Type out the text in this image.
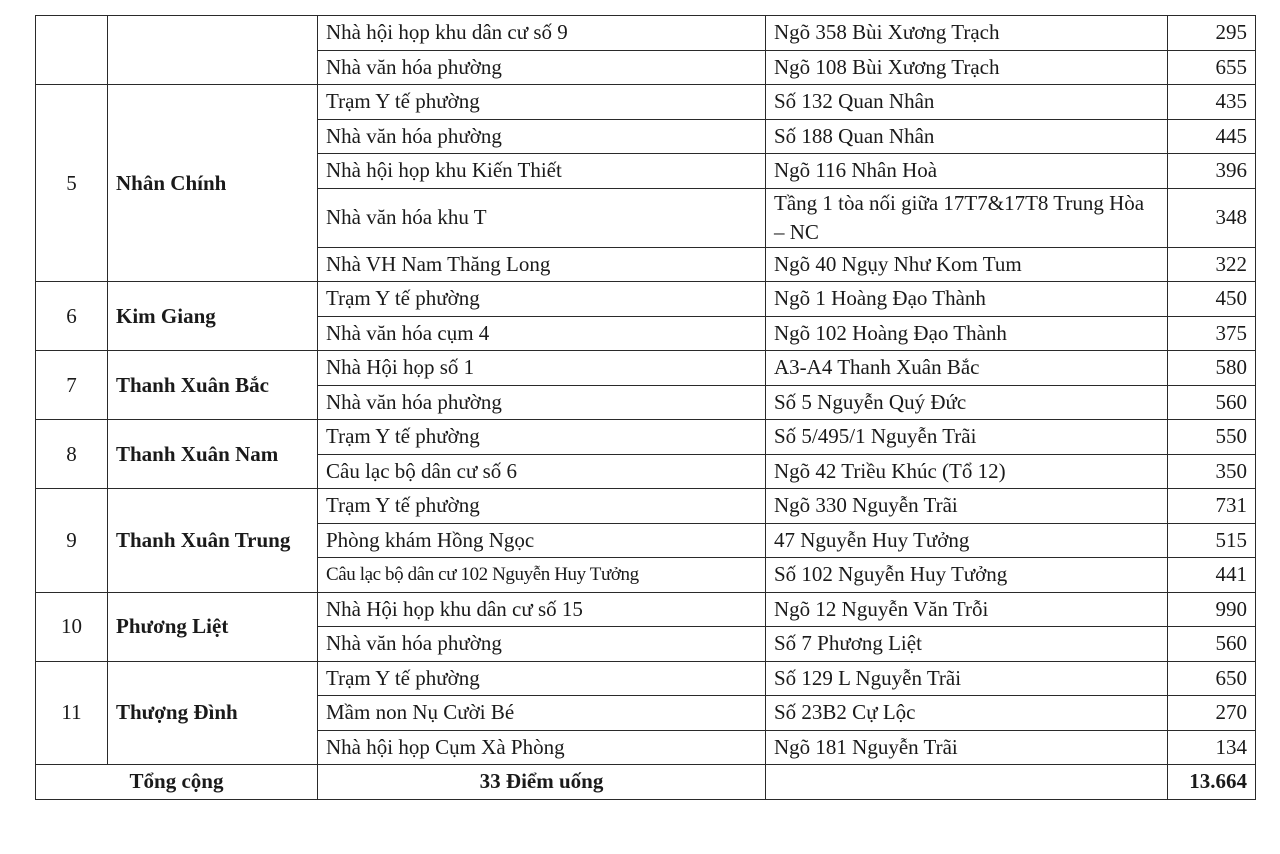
		Nhà hội họp khu dân cư số 9	Ngõ 358 Bùi Xương Trạch	295
		Nhà văn hóa phường	Ngõ 108 Bùi Xương Trạch	655
5	Nhân Chính	Trạm Y tế phường	Số 132 Quan Nhân	435
		Nhà văn hóa phường	Số 188 Quan Nhân	445
		Nhà hội họp khu Kiến Thiết	Ngõ 116 Nhân Hoà	396
		Nhà văn hóa khu T	Tầng 1 tòa nối giữa 17T7&17T8 Trung Hòa – NC	348
		Nhà VH Nam Thăng Long	Ngõ 40 Ngụy Như Kom Tum	322
6	Kim Giang	Trạm Y tế phường	Ngõ 1 Hoàng Đạo Thành	450
		Nhà văn hóa cụm 4	Ngõ 102 Hoàng Đạo Thành	375
7	Thanh Xuân Bắc	Nhà Hội họp số 1	A3-A4 Thanh Xuân Bắc	580
		Nhà văn hóa phường	Số 5 Nguyễn Quý Đức	560
8	Thanh Xuân Nam	Trạm Y tế phường	Số 5/495/1 Nguyễn Trãi	550
		Câu lạc bộ dân cư số 6	Ngõ 42 Triều Khúc (Tổ 12)	350
9	Thanh Xuân Trung	Trạm Y tế phường	Ngõ 330 Nguyễn Trãi	731
		Phòng khám Hồng Ngọc	47 Nguyễn Huy Tưởng	515
		Câu lạc bộ dân cư 102 Nguyễn Huy Tưởng	Số 102 Nguyễn Huy Tưởng	441
10	Phương Liệt	Nhà Hội họp khu dân cư số 15	Ngõ 12 Nguyễn Văn Trỗi	990
		Nhà văn hóa phường	Số 7 Phương Liệt	560
11	Thượng Đình	Trạm Y tế phường	Số 129 L Nguyễn Trãi	650
		Mầm non Nụ Cười Bé	Số 23B2 Cự Lộc	270
		Nhà hội họp Cụm Xà Phòng	Ngõ 181 Nguyễn Trãi	134
Tổng cộng		33 Điểm uống		13.664
